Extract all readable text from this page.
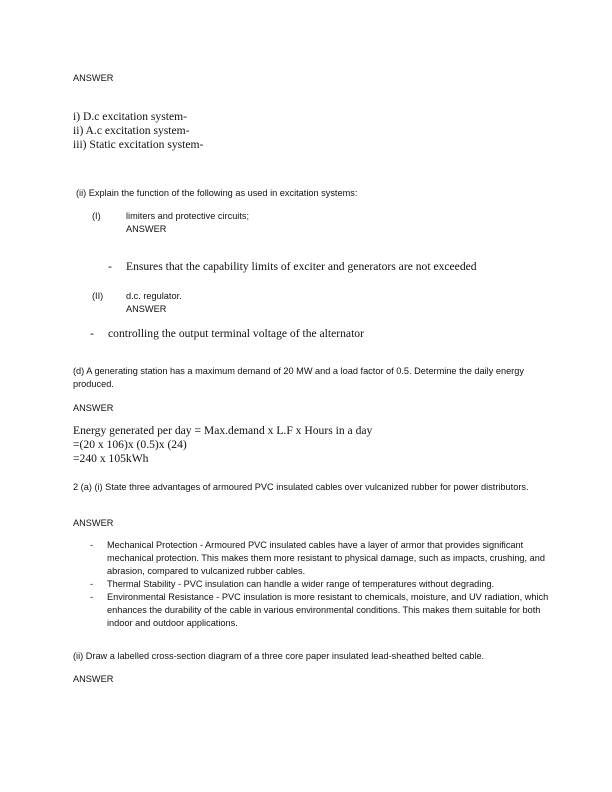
ANSWER
i) D.c excitation system-
ii) A.c excitation system-
iii) Static excitation system-
(ii) Explain the function of the following as used in excitation systems:
(I)	limiters and protective circuits;
ANSWER
- Ensures that the capability limits of exciter and generators are not exceeded
(II) d.c. regulator.
ANSWER
- controlling the output terminal voltage of the alternator
(d) A generating station has a maximum demand of 20 MW and a load factor of 0.5. Determine the daily energy produced.
ANSWER
Energy generated per day = Max.demand x L.F x Hours in a day
=(20 x 106)x (0.5)x (24)
=240 x 105kWh
2 (a) (i) State three advantages of armoured PVC insulated cables over vulcanized rubber for power distributors.
ANSWER
- Mechanical Protection - Armoured PVC insulated cables have a layer of armor that provides significant mechanical protection. This makes them more resistant to physical damage, such as impacts, crushing, and abrasion, compared to vulcanized rubber cables.
- Thermal Stability - PVC insulation can handle a wider range of temperatures without degrading.
- Environmental Resistance - PVC insulation is more resistant to chemicals, moisture, and UV radiation, which enhances the durability of the cable in various environmental conditions. This makes them suitable for both indoor and outdoor applications.
(ii) Draw a labelled cross-section diagram of a three core paper insulated lead-sheathed belted cable.
ANSWER
